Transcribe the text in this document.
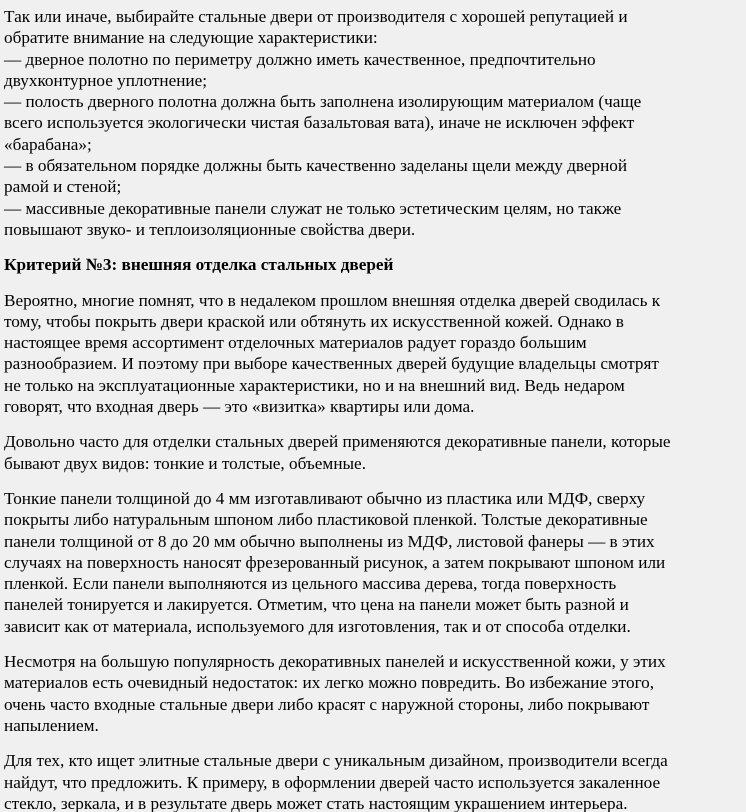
Так или иначе, выбирайте стальные двери от производителя с хорошей репутацией и
обратите внимание на следующие характеристики:
— дверное полотно по периметру должно иметь качественное, предпочтительно
двухконтурное уплотнение;
— полость дверного полотна должна быть заполнена изолирующим материалом (чаще
всего используется экологически чистая базальтовая вата), иначе не исключен эффект
«барабана»;
— в обязательном порядке должны быть качественно заделаны щели между дверной
рамой и стеной;
— массивные декоративные панели служат не только эстетическим целям, но также
повышают звуко- и теплоизоляционные свойства двери.
Критерий №3: внешняя отделка стальных дверей
Вероятно, многие помнят, что в недалеком прошлом внешняя отделка дверей сводилась к
тому, чтобы покрыть двери краской или обтянуть их искусственной кожей. Однако в
настоящее время ассортимент отделочных материалов радует гораздо большим
разнообразием. И поэтому при выборе качественных дверей будущие владельцы смотрят
не только на эксплуатационные характеристики, но и на внешний вид. Ведь недаром
говорят, что входная дверь — это «визитка» квартиры или дома.
Довольно часто для отделки стальных дверей применяются декоративные панели, которые
бывают двух видов: тонкие и толстые, объемные.
Тонкие панели толщиной до 4 мм изготавливают обычно из пластика или МДФ, сверху
покрыты либо натуральным шпоном либо пластиковой пленкой. Толстые декоративные
панели толщиной от 8 до 20 мм обычно выполнены из МДФ, листовой фанеры — в этих
случаях на поверхность наносят фрезерованный рисунок, а затем покрывают шпоном или
пленкой. Если панели выполняются из цельного массива дерева, тогда поверхность
панелей тонируется и лакируется. Отметим, что цена на панели может быть разной и
зависит как от материала, используемого для изготовления, так и от способа отделки.
Несмотря на большую популярность декоративных панелей и искусственной кожи, у этих
материалов есть очевидный недостаток: их легко можно повредить. Во избежание этого,
очень часто входные стальные двери либо красят с наружной стороны, либо покрывают
напылением.
Для тех, кто ищет элитные стальные двери с уникальным дизайном, производители всегда
найдут, что предложить. К примеру, в оформлении дверей часто используется закаленное
стекло, зеркала, и в результате дверь может стать настоящим украшением интерьера.
